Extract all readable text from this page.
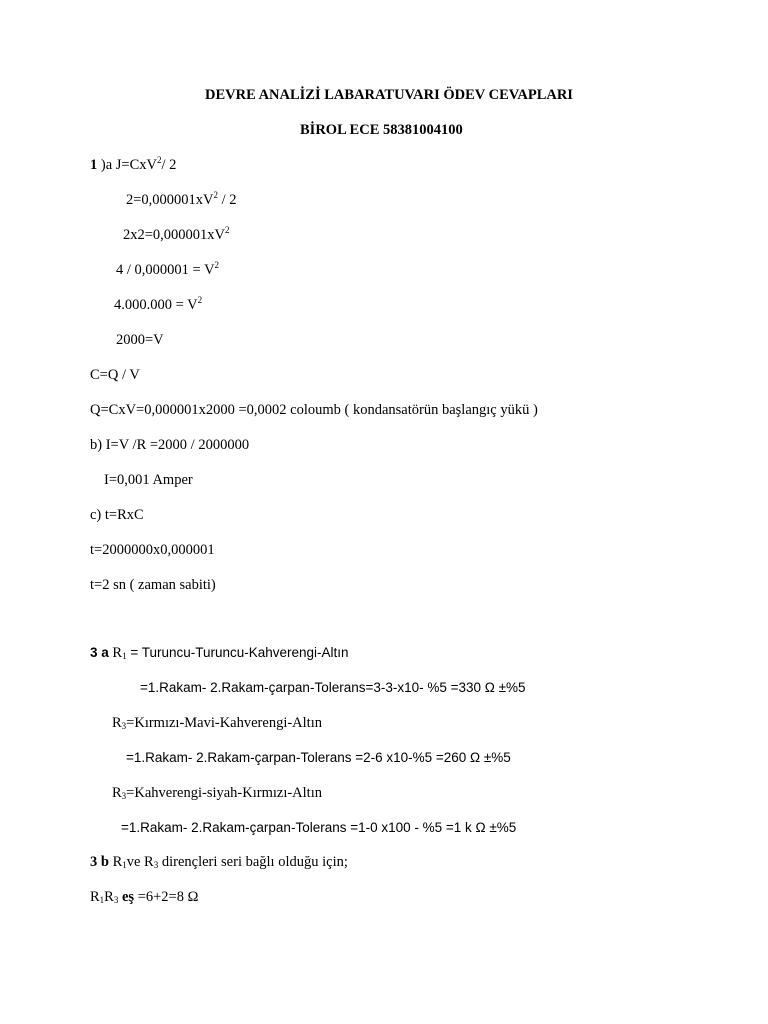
DEVRE ANALİZİ LABARATUVARI ÖDEV CEVAPLARI
BİROL ECE 58381004100
1 )a J=CxV$^2$/ 2
$2=0,000001xV^2 / 2$
$2x2=0,000001xV^2$
$4 / 0,000001 = V^2$
$4.000.000 = V^2$
2000=V
C=Q / V
Q=CxV=0,000001x2000 =0,0002 coloumb ( kondansatörün başlangıç yükü )
b) I=V /R =2000 / 2000000
I=0,001 Amper
c) t=RxC
t=2000000x0,000001
t=2 sn ( zaman sabiti)
3 a $R_1$ = Turuncu-Turuncu-Kahverengi-Altın
=1.Rakam- 2.Rakam-çarpan-Tolerans=3-3-x10- %5 =330 Ω ±%5
$R_3=Kırmızı-Mavi-Kahverengi$-Altın
=1.Rakam- 2.Rakam-çarpan-Tolerans =2-6 x10-%5 =260 Ω ±%5
$R_3=Kahverengi-siyah-Kırmızı$-Altın
=1.Rakam- 2.Rakam-çarpan-Tolerans =1-0 x100 - %5 =1 k Ω ±%5
3 b $R_1ve$ $R_3$ dirençleri seri bağlı olduğu için;
$R_1R_3$ eş =6+2=8 Ω
